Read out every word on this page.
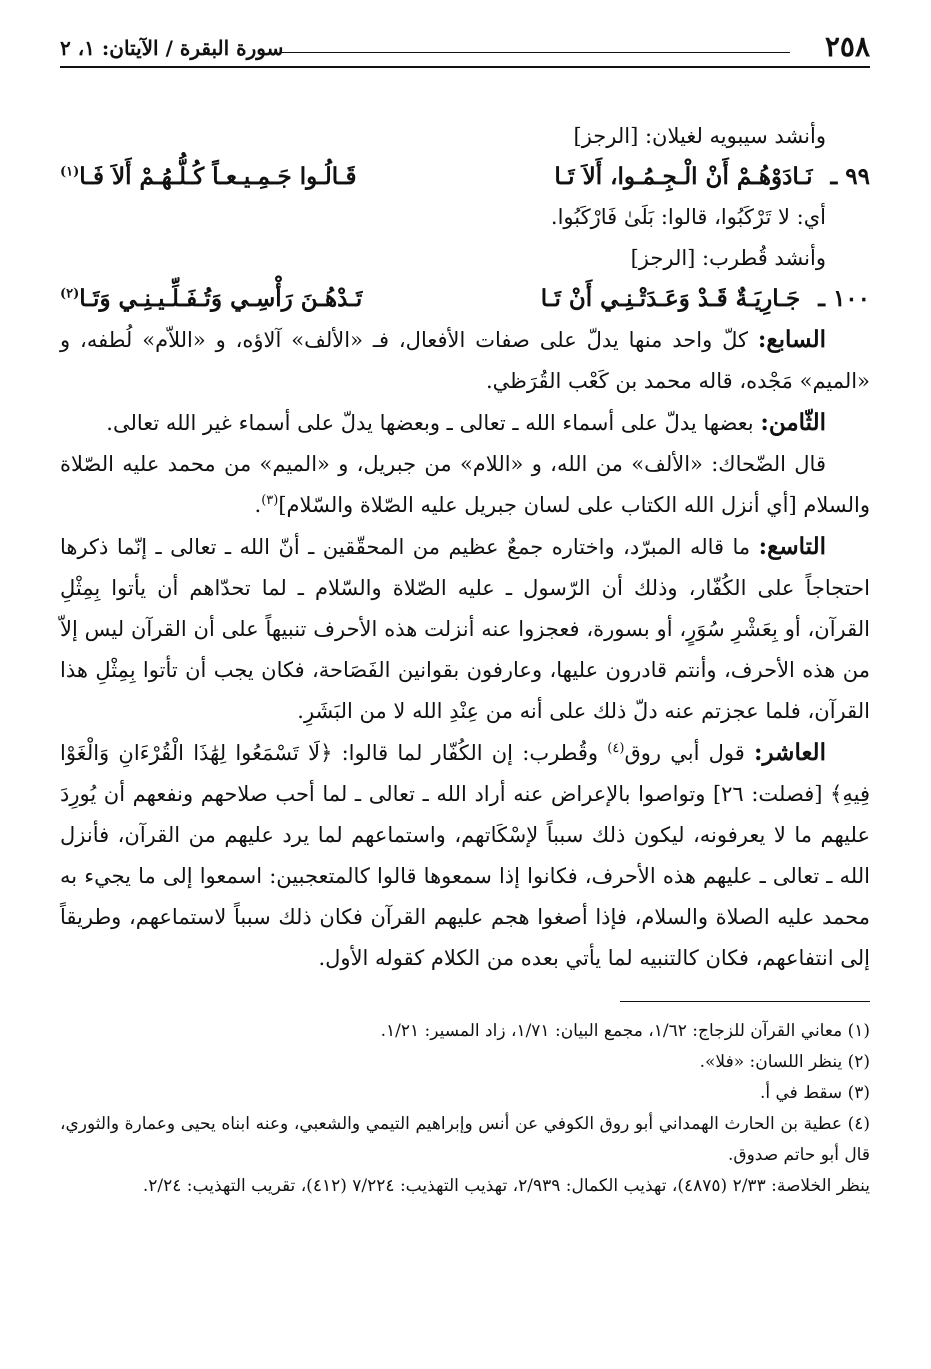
٢٥٨
سورة البقرة / الآيتان: ١، ٢

وأنشد سيبويه لغيلان: [الرجز]

٩٩ ـ نَـادَوْهُـمْ أَنْ الْـجِـمُـوا، أَلاَ تَـا
قَـالُـوا جَـمِـيـعـاً كُـلُّـهُـمْ أَلاَ فَـا$^{(١)}$

أي: لا تَرْكَبُوا، قالوا: بَلَىٰ فَارْكَبُوا.

وأنشد قُطرب: [الرجز]

١٠٠ ـ جَـارِيَـةٌ قَـدْ وَعَـدَتْـنِـي أَنْ تَـا
تَـدْهُـنَ رَأْسِـي وَتُـفَـلِّـيـنِـي وَتَـا$^{(٢)}$

السابع: كلّ واحد منها يدلّ على صفات الأفعال، فـ «الألف» آلاؤه، و «اللاّم» لُطفه، و «الميم» مَجْده، قاله محمد بن كَعْب القُرَظي.

الثّامن: بعضها يدلّ على أسماء الله ـ تعالى ـ وبعضها يدلّ على أسماء غير الله تعالى.

قال الضّحاك: «الألف» من الله، و «اللام» من جبريل، و «الميم» من محمد عليه الصّلاة والسلام [أي أنزل الله الكتاب على لسان جبريل عليه الصّلاة والسّلام]$^{(٣)}$.

التاسع: ما قاله المبرّد، واختاره جمعٌ عظيم من المحقّقين ـ أنّ الله ـ تعالى ـ إنّما ذكرها احتجاجاً على الكُفّار، وذلك أن الرّسول ـ عليه الصّلاة والسّلام ـ لما تحدّاهم أن يأتوا بِمِثْلِ القرآن، أو بِعَشْرِ سُوَرٍ، أو بسورة، فعجزوا عنه أنزلت هذه الأحرف تنبيهاً على أن القرآن ليس إلاّ من هذه الأحرف، وأنتم قادرون عليها، وعارفون بقوانين الفَصَاحة، فكان يجب أن تأتوا بِمِثْلِ هذا القرآن، فلما عجزتم عنه دلّ ذلك على أنه من عِنْدِ الله لا من البَشَرِ.

العاشر: قول أبي روق$^{(٤)}$ وقُطرب: إن الكُفّار لما قالوا: ﴿لَا تَسْمَعُوا لِهَٰذَا الْقُرْءَانِ وَالْغَوْا فِيهِ﴾ [فصلت: ٢٦] وتواصوا بالإعراض عنه أراد الله ـ تعالى ـ لما أحب صلاحهم ونفعهم أن يُورِدَ عليهم ما لا يعرفونه، ليكون ذلك سبباً لإسْكَاتهم، واستماعهم لما يرد عليهم من القرآن، فأنزل الله ـ تعالى ـ عليهم هذه الأحرف، فكانوا إذا سمعوها قالوا كالمتعجبين: اسمعوا إلى ما يجيء به محمد عليه الصلاة والسلام، فإذا أصغوا هجم عليهم القرآن فكان ذلك سبباً لاستماعهم، وطريقاً إلى انتفاعهم، فكان كالتنبيه لما يأتي بعده من الكلام كقوله الأول.

(١) معاني القرآن للزجاج: ١/٦٢، مجمع البيان: ١/٧١، زاد المسير: ١/٢١.

(٢) ينظر اللسان: «فلا».

(٣) سقط في أ.

(٤) عطية بن الحارث الهمداني أبو روق الكوفي عن أنس وإبراهيم التيمي والشعبي، وعنه ابناه يحيى وعمارة والثوري، قال أبو حاتم صدوق.

ينظر الخلاصة: ٢/٣٣ (٤٨٧٥)، تهذيب الكمال: ٢/٩٣٩، تهذيب التهذيب: ٧/٢٢٤ (٤١٢)، تقريب التهذيب: ٢/٢٤.
